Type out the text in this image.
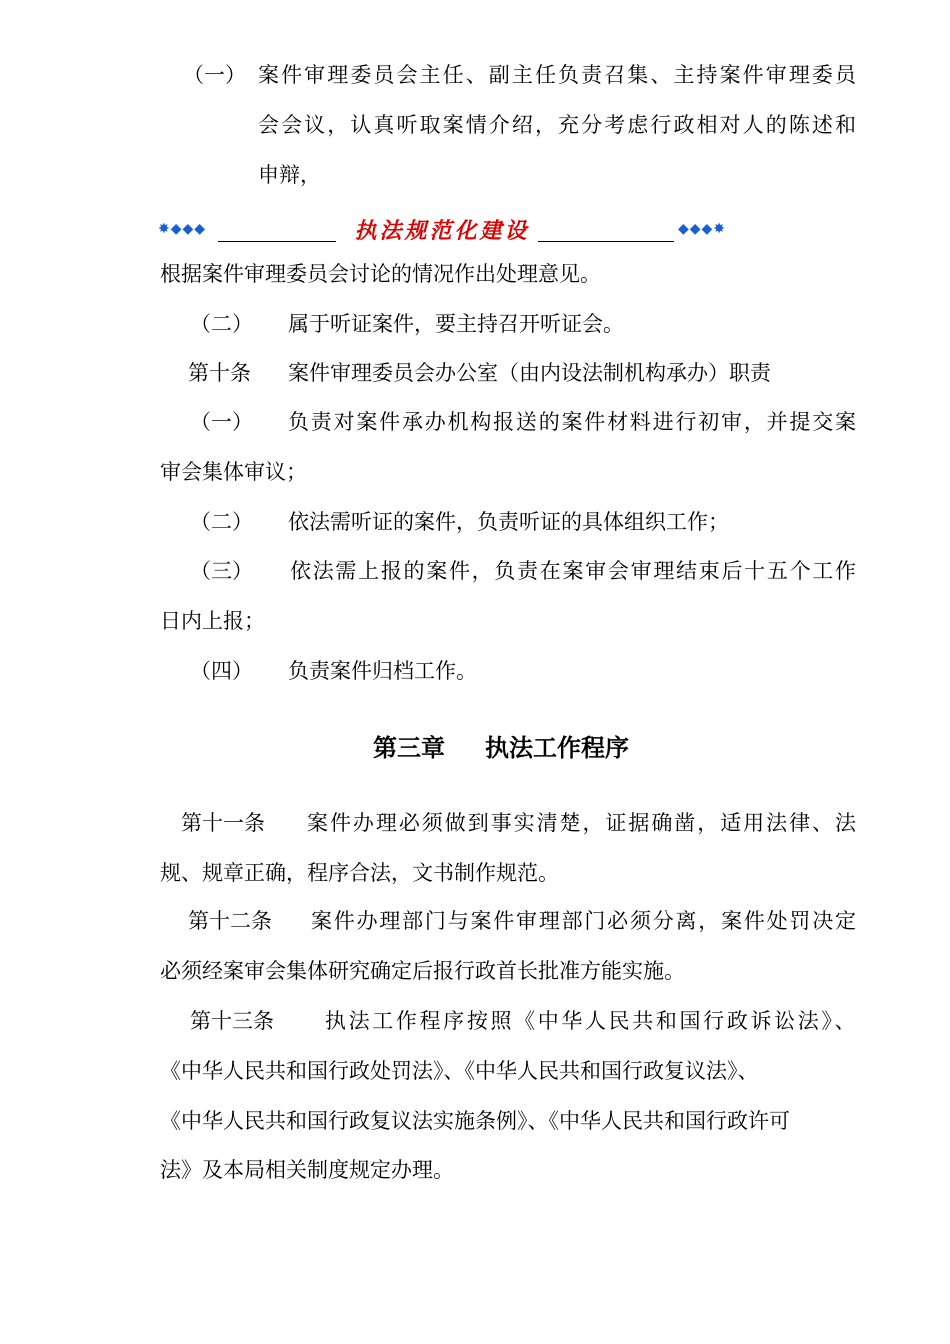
（一） 案件审理委员会主任、副主任负责召集、主持案件审理委员
会会议，认真听取案情介绍，充分考虑行政相对人的陈述和
申辩，
✸◆◆◆	执法规范化建设	◆◆◆✸
根据案件审理委员会讨论的情况作出处理意见。
（二） 属于听证案件，要主持召开听证会。
第十条 案件审理委员会办公室（由内设法制机构承办）职责
（一） 负责对案件承办机构报送的案件材料进行初审，并提交案
审会集体审议；
（二） 依法需听证的案件，负责听证的具体组织工作；
（三） 依法需上报的案件，负责在案审会审理结束后十五个工作
日内上报；
（四） 负责案件归档工作。
第三章 执法工作程序
第十一条 案件办理必须做到事实清楚，证据确凿，适用法律、法
规、规章正确，程序合法，文书制作规范。
第十二条 案件办理部门与案件审理部门必须分离，案件处罚决定
必须经案审会集体研究确定后报行政首长批准方能实施。
第十三条 执法工作程序按照《中华人民共和国行政诉讼法》、
《中华人民共和国行政处罚法》、《中华人民共和国行政复议法》、
《中华人民共和国行政复议法实施条例》、《中华人民共和国行政许可
法》及本局相关制度规定办理。
